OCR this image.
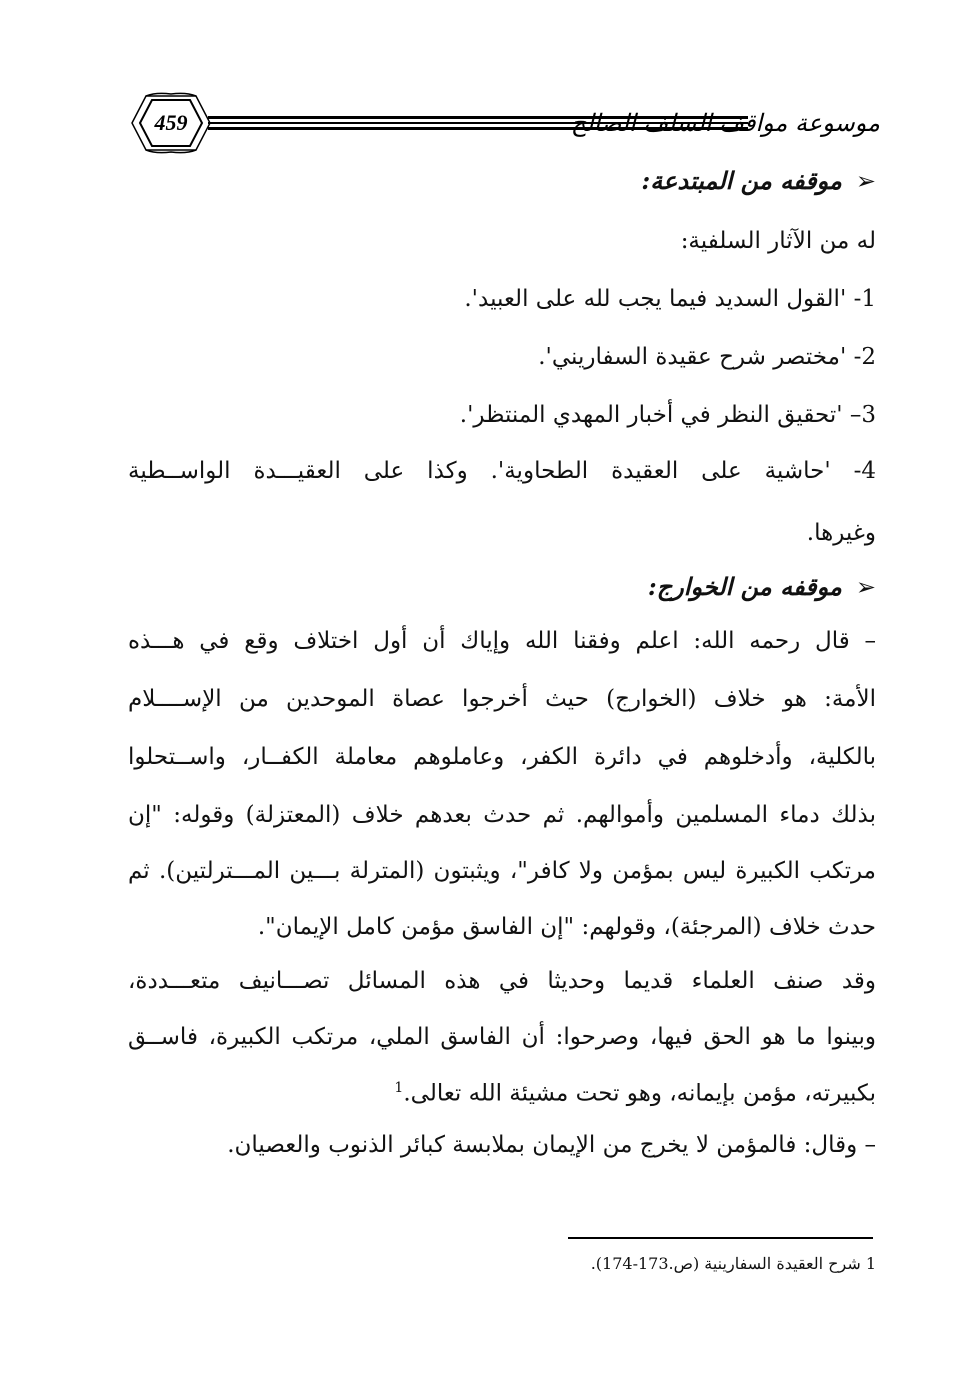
459	موسوعة مواقف السلف الصالح
➢موقفه من المبتدعة:
له من الآثار السلفية:
1- 'القول السديد فيما يجب لله على العبيد'.
2- 'مختصر شرح عقيدة السفاريني'.
3– 'تحقيق النظر في أخبار المهدي المنتظر'.
4- 'حاشية على العقيدة الطحاوية'. وكذا على العقيـــدة الواســطية
وغيرها.
➢موقفه من الخوارج:
– قال رحمه الله: اعلم وفقنا الله وإياك أن أول اختلاف وقع في هـــذه
الأمة: هو خلاف (الخوارج) حيث أخرجوا عصاة الموحدين من الإســــلام
بالكلية، وأدخلوهم في دائرة الكفر، وعاملوهم معاملة الكفــار، واســتحلوا
بذلك دماء المسلمين وأموالهم. ثم حدث بعدهم خلاف (المعتزلة) وقوله: "إن
مرتكب الكبيرة ليس بمؤمن ولا كافر"، ويثبتون (المترلة بـــين المـــترلتين). ثم
حدث خلاف (المرجئة)، وقولهم: "إن الفاسق مؤمن كامل الإيمان".
وقد صنف العلماء قديما وحديثا في هذه المسائل تصـــانيف متعـــددة،
وبينوا ما هو الحق فيها، وصرحوا: أن الفاسق الملي، مرتكب الكبيرة، فاســق
بكبيرته، مؤمن بإيمانه، وهو تحت مشيئة الله تعالى.$^1$
– وقال: فالمؤمن لا يخرج من الإيمان بملابسة كبائر الذنوب والعصيان.
1 شرح العقيدة السفارينية (ص.173-174).
